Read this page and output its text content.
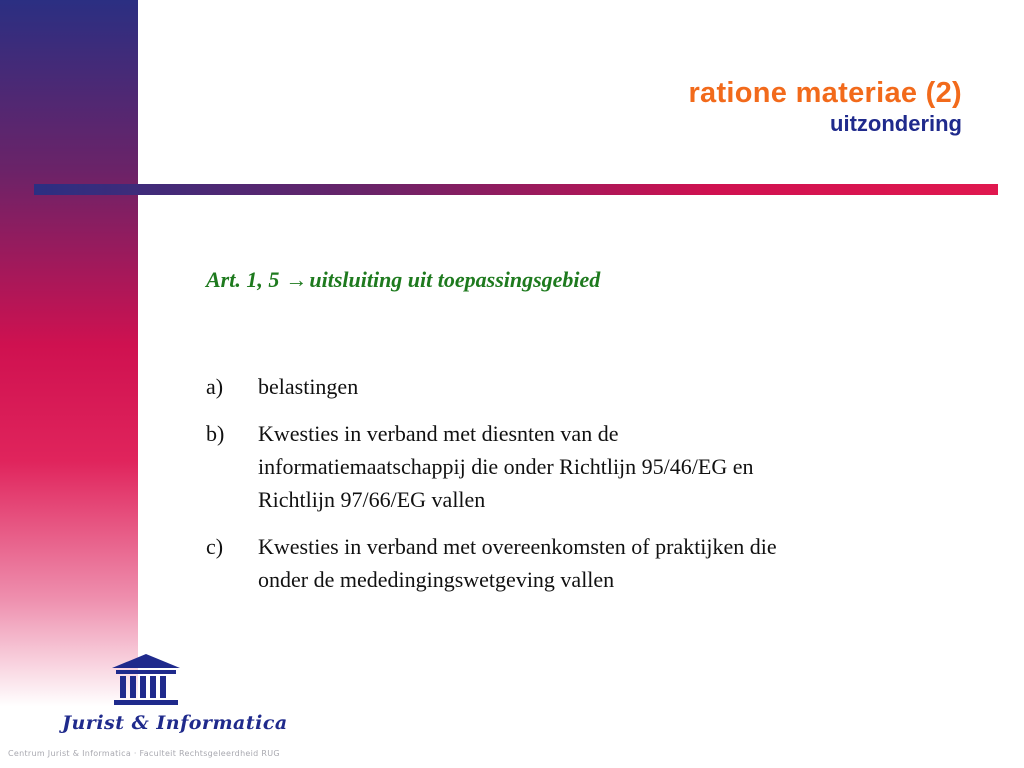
ratione materiae (2)
uitzondering
Art. 1, 5 →uitsluiting uit toepassingsgebied
a)	belastingen
b)	Kwesties in verband met diesnten van de informatiemaatschappij die onder Richtlijn 95/46/EG en Richtlijn 97/66/EG vallen
c)	Kwesties in verband met overeenkomsten of praktijken die onder de mededingingswetgeving vallen
Jurist & Informatica
Centrum Jurist & Informatica · Faculteit Rechtsgeleerdheid RUG
